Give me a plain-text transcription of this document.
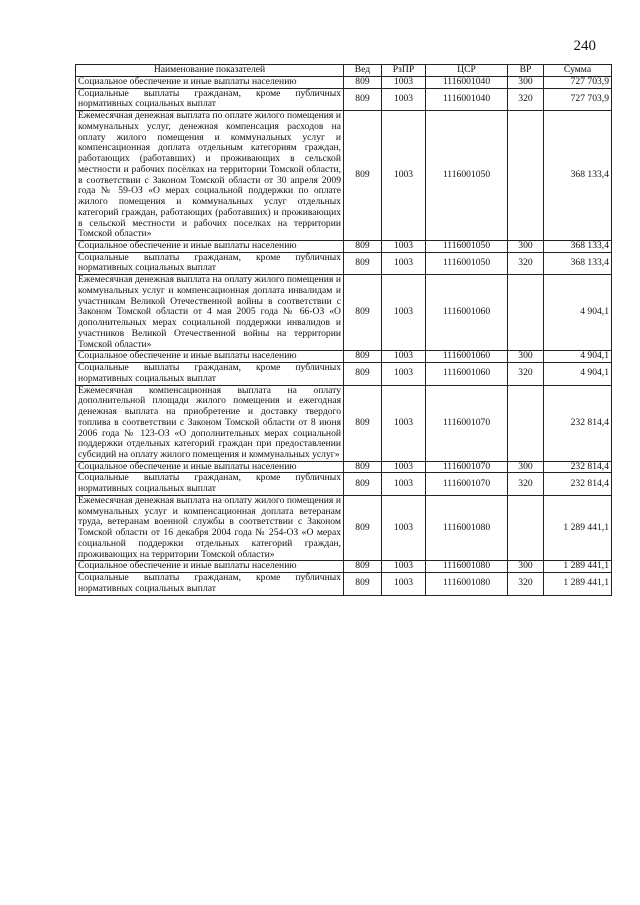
240
Наименование показателей	Вед	РзПР	ЦСР	ВР	Сумма
Социальное обеспечение и иные выплаты населению	809	1003	1116001040	300	727 703,9
Социальные выплаты гражданам, кроме публичных нормативных социальных выплат	809	1003	1116001040	320	727 703,9
Ежемесячная денежная выплата по оплате жилого помещения и коммунальных услуг, денежная компенсация расходов на оплату жилого помещения и коммунальных услуг и компенсационная доплата отдельным категориям граждан, работающих (работавших) и проживающих в сельской местности и рабочих посёлках на территории Томской области, в соответствии с Законом Томской области от 30 апреля 2009 года № 59-ОЗ «О мерах социальной поддержки по оплате жилого помещения и коммунальных услуг отдельных категорий граждан, работающих (работавших) и проживающих в сельской местности и рабочих поселках на территории Томской области»	809	1003	1116001050		368 133,4
Социальное обеспечение и иные выплаты населению	809	1003	1116001050	300	368 133,4
Социальные выплаты гражданам, кроме публичных нормативных социальных выплат	809	1003	1116001050	320	368 133,4
Ежемесячная денежная выплата на оплату жилого помещения и коммунальных услуг и компенсационная доплата инвалидам и участникам Великой Отечественной войны в соответствии с Законом Томской области от 4 мая 2005 года № 66-ОЗ «О дополнительных мерах социальной поддержки инвалидов и участников Великой Отечественной войны на территории Томской области»	809	1003	1116001060		4 904,1
Социальное обеспечение и иные выплаты населению	809	1003	1116001060	300	4 904,1
Социальные выплаты гражданам, кроме публичных нормативных социальных выплат	809	1003	1116001060	320	4 904,1
Ежемесячная компенсационная выплата на оплату дополнительной площади жилого помещения и ежегодная денежная выплата на приобретение и доставку твердого топлива в соответствии с Законом Томской области от 8 июня 2006 года № 123-ОЗ «О дополнительных мерах социальной поддержки отдельных категорий граждан при предоставлении субсидий на оплату жилого помещения и коммунальных услуг»	809	1003	1116001070		232 814,4
Социальное обеспечение и иные выплаты населению	809	1003	1116001070	300	232 814,4
Социальные выплаты гражданам, кроме публичных нормативных социальных выплат	809	1003	1116001070	320	232 814,4
Ежемесячная денежная выплата на оплату жилого помещения и коммунальных услуг и компенсационная доплата ветеранам труда, ветеранам военной службы в соответствии с Законом Томской области от 16 декабря 2004 года № 254-ОЗ «О мерах социальной поддержки отдельных категорий граждан, проживающих на территории Томской области»	809	1003	1116001080		1 289 441,1
Социальное обеспечение и иные выплаты населению	809	1003	1116001080	300	1 289 441,1
Социальные выплаты гражданам, кроме публичных нормативных социальных выплат	809	1003	1116001080	320	1 289 441,1
